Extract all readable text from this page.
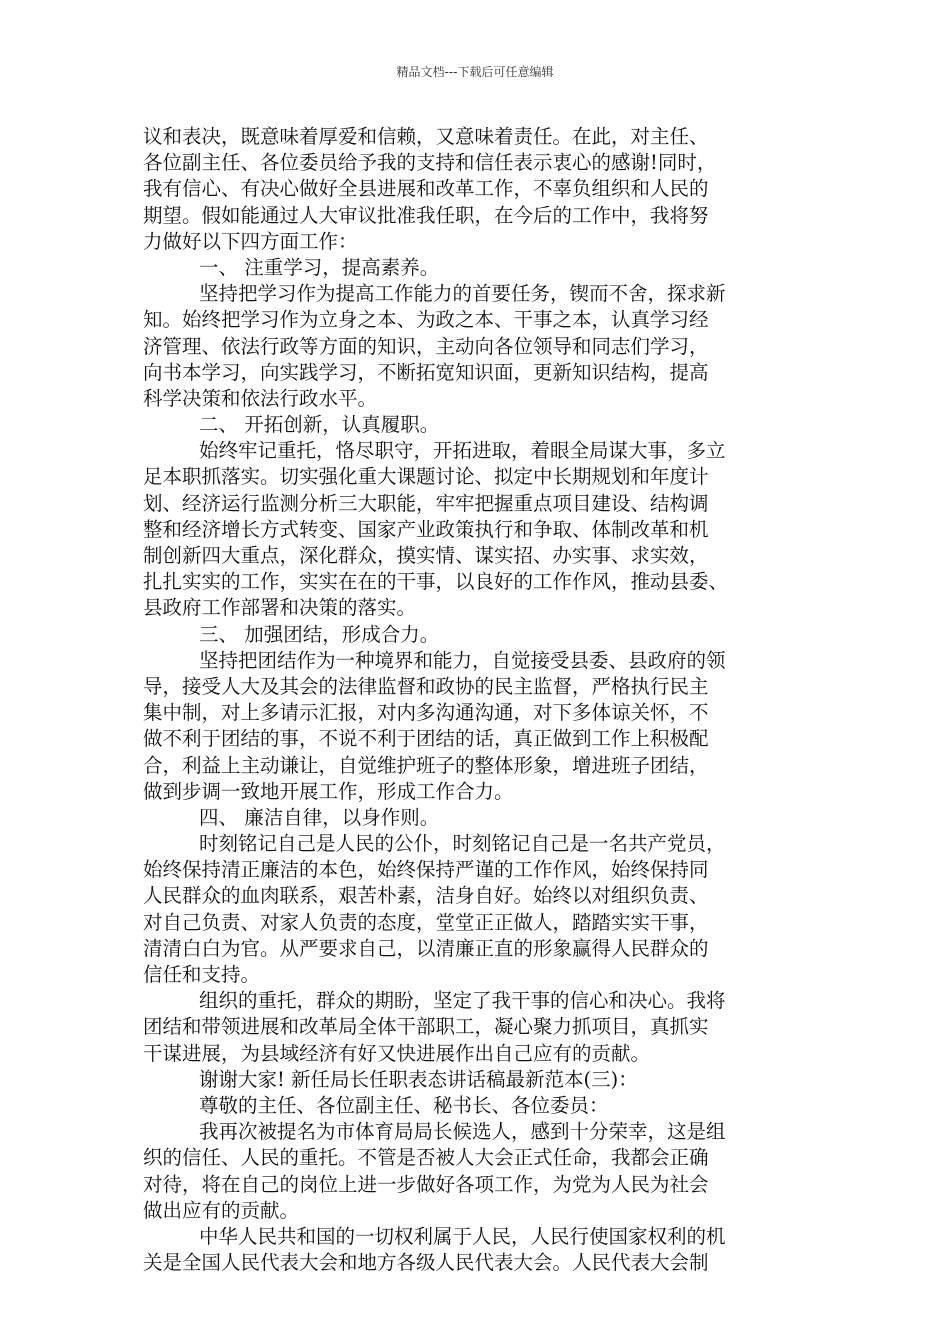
精品文档---下载后可任意编辑
议和表决，既意味着厚爱和信赖，又意味着责任。在此，对主任、
各位副主任、各位委员给予我的支持和信任表示衷心的感谢!同时，
我有信心、有决心做好全县进展和改革工作，不辜负组织和人民的
期望。假如能通过人大审议批准我任职，在今后的工作中，我将努
力做好以下四方面工作：
一、 注重学习，提高素养。
坚持把学习作为提高工作能力的首要任务，锲而不舍，探求新
知。始终把学习作为立身之本、为政之本、干事之本，认真学习经
济管理、依法行政等方面的知识，主动向各位领导和同志们学习，
向书本学习，向实践学习，不断拓宽知识面，更新知识结构，提高
科学决策和依法行政水平。
二、 开拓创新，认真履职。
始终牢记重托，恪尽职守，开拓进取，着眼全局谋大事，多立
足本职抓落实。切实强化重大课题讨论、拟定中长期规划和年度计
划、经济运行监测分析三大职能，牢牢把握重点项目建设、结构调
整和经济增长方式转变、国家产业政策执行和争取、体制改革和机
制创新四大重点，深化群众，摸实情、谋实招、办实事、求实效，
扎扎实实的工作，实实在在的干事，以良好的工作作风，推动县委、
县政府工作部署和决策的落实。
三、 加强团结，形成合力。
坚持把团结作为一种境界和能力，自觉接受县委、县政府的领
导，接受人大及其会的法律监督和政协的民主监督，严格执行民主
集中制，对上多请示汇报，对内多沟通沟通，对下多体谅关怀，不
做不利于团结的事，不说不利于团结的话，真正做到工作上积极配
合，利益上主动谦让，自觉维护班子的整体形象，增进班子团结，
做到步调一致地开展工作，形成工作合力。
四、 廉洁自律，以身作则。
时刻铭记自己是人民的公仆，时刻铭记自己是一名共产党员，
始终保持清正廉洁的本色，始终保持严谨的工作作风，始终保持同
人民群众的血肉联系，艰苦朴素，洁身自好。始终以对组织负责、
对自己负责、对家人负责的态度，堂堂正正做人，踏踏实实干事，
清清白白为官。从严要求自己，以清廉正直的形象赢得人民群众的
信任和支持。
组织的重托，群众的期盼，坚定了我干事的信心和决心。我将
团结和带领进展和改革局全体干部职工，凝心聚力抓项目，真抓实
干谋进展，为县域经济有好又快进展作出自己应有的贡献。
谢谢大家! 新任局长任职表态讲话稿最新范本(三)：
尊敬的主任、各位副主任、秘书长、各位委员：
我再次被提名为市体育局局长候选人，感到十分荣幸，这是组
织的信任、人民的重托。不管是否被人大会正式任命，我都会正确
对待，将在自己的岗位上进一步做好各项工作，为党为人民为社会
做出应有的贡献。
中华人民共和国的一切权利属于人民，人民行使国家权利的机
关是全国人民代表大会和地方各级人民代表大会。人民代表大会制
